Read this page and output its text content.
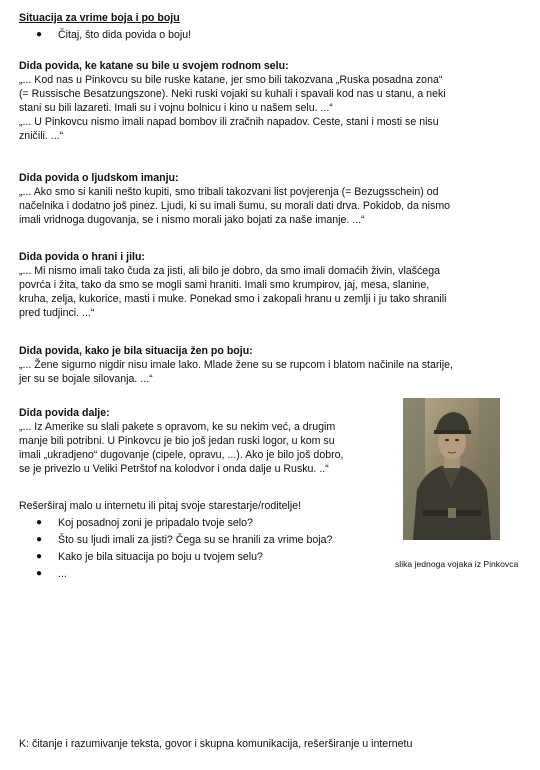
Situacija za vrime boja i po boju
●	Čitaj, što dida povida o boju!
Dida povida, ke katane su bile u svojem rodnom selu:
„... Kod nas u Pinkovcu su bile ruske katane, jer smo bili takozvana „Ruska posadna zona“
(= Russische Besatzungszone). Neki ruski vojaki su kuhali i spavali kod nas u stanu, a neki
stani su bili lazareti. Imali su i vojnu bolnicu i kino u našem selu. ...“
„... U Pinkovcu nismo imali napad bombov ili zračnih napadov. Ceste, stani i mosti se nisu
zničili. ...“
Dida povida o ljudskom imanju:
„... Ako smo si kanili nešto kupiti, smo tribali takozvani list povjerenja (= Bezugsschein) od
načelnika i dodatno još pinez. Ljudi, ki su imali šumu, su morali dati drva. Pokidob, da nismo
imali vridnoga dugovanja, se i nismo morali jako bojati za naše imanje. ...“
Dida povida o hrani i jilu:
„... Mi nismo imali tako čuda za jisti, ali bilo je dobro, da smo imali domaćih živin, vlašćega
povrća i žita, tako da smo se mogli sami hraniti. Imali smo krumpirov, jaj, mesa, slanine,
kruha, zelja, kukorice, masti i muke. Ponekad smo i zakopali hranu u zemlji i ju tako shranili
pred tudjinci. ...“
Dida povida, kako je bila situacija žen po boju:
„... Žene sigurno nigdir nisu imale lako. Mlade žene su se rupcom i blatom načinile na starije,
jer su se bojale silovanja. ...“
Dida povida dalje:
„... Iz Amerike su slali pakete s opravom, ke su nekim već, a drugim
manje bili potribni. U Pinkovcu je bio još jedan ruski logor, u kom su
imali „ukradjeno“ dugovanje (cipele, opravu, ...). Ako je bilo još dobro,
se je privezlo u Veliki Petrštof na kolodvor i onda dalje u Rusku. ..“
Rešerširaj malo u internetu ili pitaj svoje starestarje/roditelje!
●	Koj posadnoj zoni je pripadalo tvoje selo?
●	Što su ljudi imali za jisti? Čega su se hranili za vrime boja?
●	Kako je bila situacija po boju u tvojem selu?
●	...
slika jednoga vojaka iz Pinkovca
K: čitanje i razumivanje teksta, govor i skupna komunikacija, rešerširanje u internetu
